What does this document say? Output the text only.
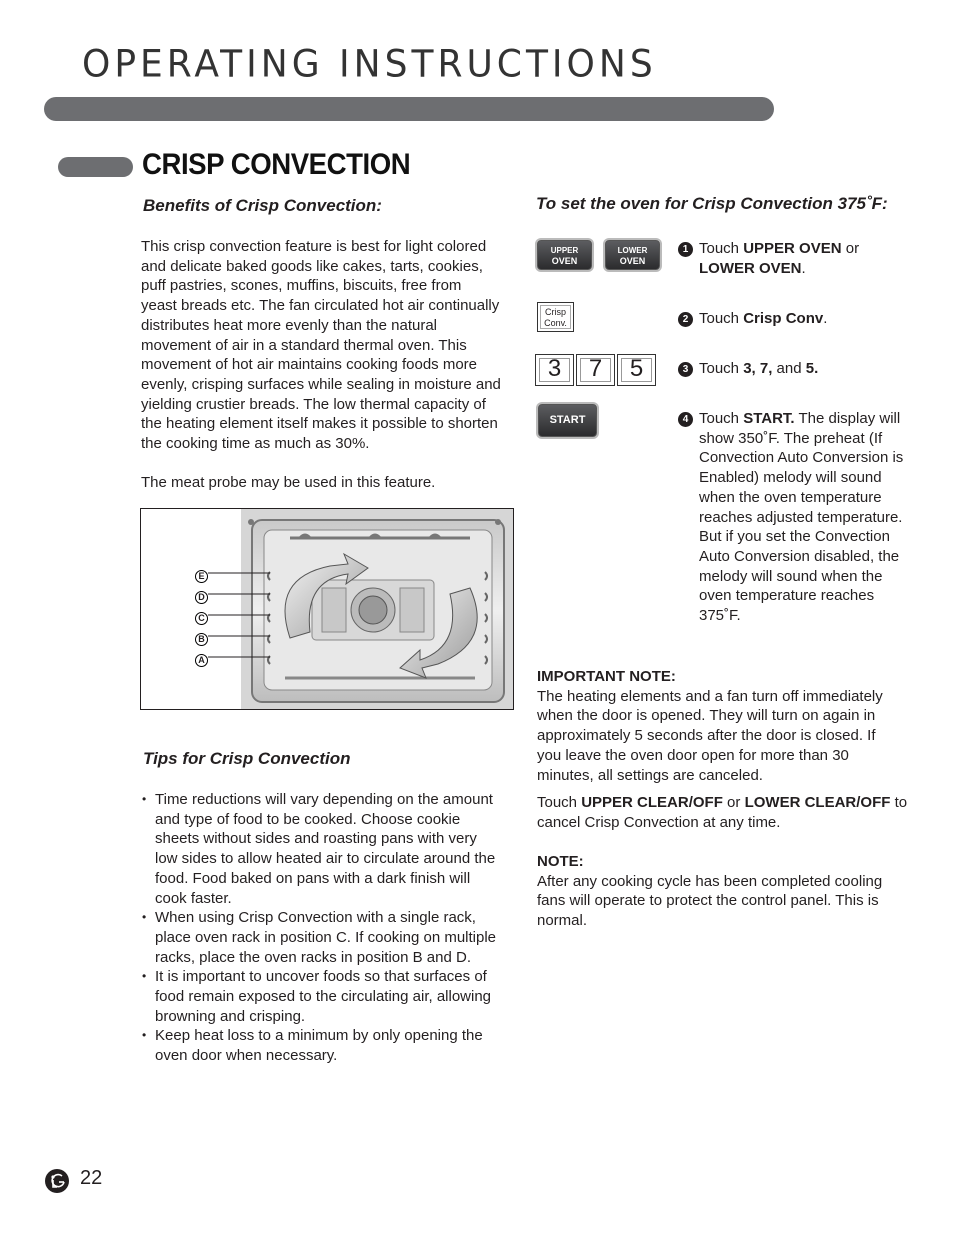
OPERATING INSTRUCTIONS
CRISP CONVECTION
Benefits of Crisp Convection:
This crisp convection feature is best for light colored
and delicate baked goods like cakes, tarts, cookies,
puff pastries, scones, muffins, biscuits, free from
yeast breads etc. The fan circulated hot air continually
distributes heat more evenly than the natural
movement of air in a standard thermal oven. This
movement of hot air maintains cooking foods more
evenly, crisping surfaces while sealing in moisture and
yielding crustier breads. The low thermal capacity of
the heating element itself makes it possible to shorten
the cooking time as much as 30%.
The meat probe may be used in this feature.
E
D
C
B
A
Tips for Crisp Convection
• Time reductions will vary depending on the amount
and type of food to be cooked. Choose cookie
sheets without sides and roasting pans with very
low sides to allow heated air to circulate around the
food. Food baked on pans with a dark finish will
cook faster.
• When using Crisp Convection with a single rack,
place oven rack in position C. If cooking on multiple
racks, place the oven racks in position B and D.
• It is important to uncover foods so that surfaces of
food remain exposed to the circulating air, allowing
browning and crisping.
• Keep heat loss to a minimum by only opening the
oven door when necessary.
To set the oven for Crisp Convection 375˚F:
UPPER
OVEN
LOWER
OVEN
Crisp
Conv.
3	7	5
START
1 Touch UPPER OVEN or LOWER OVEN.
2 Touch Crisp Conv.
3 Touch 3, 7, and 5.
4 Touch START. The display will show 350˚F. The preheat (If Convection Auto Conversion is Enabled) melody will sound when the oven temperature reaches adjusted temperature. But if you set the Convection Auto Conversion disabled, the melody will sound when the oven temperature reaches 375˚F.
IMPORTANT NOTE:
The heating elements and a fan turn off immediately
when the door is opened. They will turn on again in
approximately 5 seconds after the door is closed. If
you leave the oven door open for more than 30
minutes, all settings are canceled.
Touch UPPER CLEAR/OFF or LOWER CLEAR/OFF to cancel Crisp Convection at any time.
NOTE:
After any cooking cycle has been completed cooling
fans will operate to protect the control panel. This is
normal.
22
